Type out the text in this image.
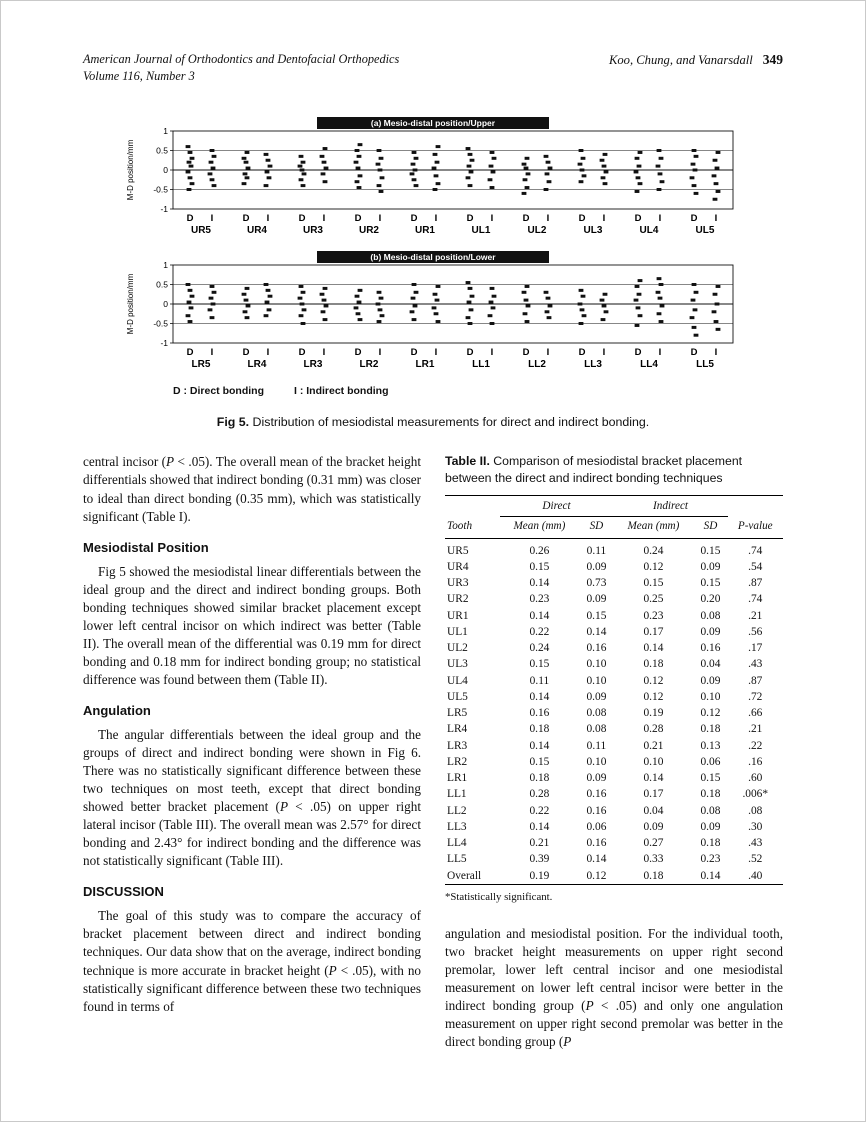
American Journal of Orthodontics and Dentofacial Orthopedics
Volume 116, Number 3
Koo, Chung, and Vanarsdall 349
1
0.5
0
-0.5
-1
M-D position/mm
(a) Mesio-distal position/Upper
D I
UR5
D I
UR4
D I
UR3
D I
UR2
D I
UR1
D I
UL1
D I
UL2
D I
UL3
D I
UL4
D I
UL5
1
0.5
0
-0.5
-1
M-D position/mm
(b) Mesio-distal position/Lower
D I
LR5
D I
LR4
D I
LR3
D I
LR2
D I
LR1
D I
LL1
D I
LL2
D I
LL3
D I
LL4
D I
LL5
D : Direct bonding	I : Indirect bonding
Fig 5. Distribution of mesiodistal measurements for direct and indirect bonding.

central incisor (P < .05). The overall mean of the bracket height differentials showed that indirect bonding (0.31 mm) was closer to ideal than direct bonding (0.35 mm), which was statistically significant (Table I).

Mesiodistal Position

Fig 5 showed the mesiodistal linear differentials between the ideal group and the direct and indirect bonding groups. Both bonding techniques showed similar bracket placement except lower left central incisor on which indirect was better (Table II). The overall mean of the differential was 0.19 mm for direct bonding and 0.18 mm for indirect bonding group; no statistical difference was found between them (Table II).

Angulation

The angular differentials between the ideal group and the groups of direct and indirect bonding were shown in Fig 6. There was no statistically significant difference between these two techniques on most teeth, except that direct bonding showed better bracket placement (P < .05) on upper right lateral incisor (Table III). The overall mean was 2.57° for direct bonding and 2.43° for indirect bonding and the difference was not statistically significant (Table III).

DISCUSSION

The goal of this study was to compare the accuracy of bracket placement between direct and indirect bonding techniques. Our data show that on the average, indirect bonding technique is more accurate in bracket height (P < .05), with no statistically significant difference between these two techniques found in terms of

Table II. Comparison of mesiodistal bracket placement between the direct and indirect bonding techniques
	Direct		Indirect		
Tooth	Mean (mm)	SD	Mean (mm)	SD	P-value
UR5	0.26	0.11	0.24	0.15	.74
UR4	0.15	0.09	0.12	0.09	.54
UR3	0.14	0.73	0.15	0.15	.87
UR2	0.23	0.09	0.25	0.20	.74
UR1	0.14	0.15	0.23	0.08	.21
UL1	0.22	0.14	0.17	0.09	.56
UL2	0.24	0.16	0.14	0.16	.17
UL3	0.15	0.10	0.18	0.04	.43
UL4	0.11	0.10	0.12	0.09	.87
UL5	0.14	0.09	0.12	0.10	.72
LR5	0.16	0.08	0.19	0.12	.66
LR4	0.18	0.08	0.28	0.18	.21
LR3	0.14	0.11	0.21	0.13	.22
LR2	0.15	0.10	0.10	0.06	.16
LR1	0.18	0.09	0.14	0.15	.60
LL1	0.28	0.16	0.17	0.18	.006*
LL2	0.22	0.16	0.04	0.08	.08
LL3	0.14	0.06	0.09	0.09	.30
LL4	0.21	0.16	0.27	0.18	.43
LL5	0.39	0.14	0.33	0.23	.52
Overall	0.19	0.12	0.18	0.14	.40
*Statistically significant.

angulation and mesiodistal position. For the individual tooth, two bracket height measurements on upper right second premolar, lower left central incisor and one mesiodistal measurement on lower left central incisor were better in the indirect bonding group (P < .05) and only one angulation measurement on upper right second premolar was better in the direct bonding group (P
